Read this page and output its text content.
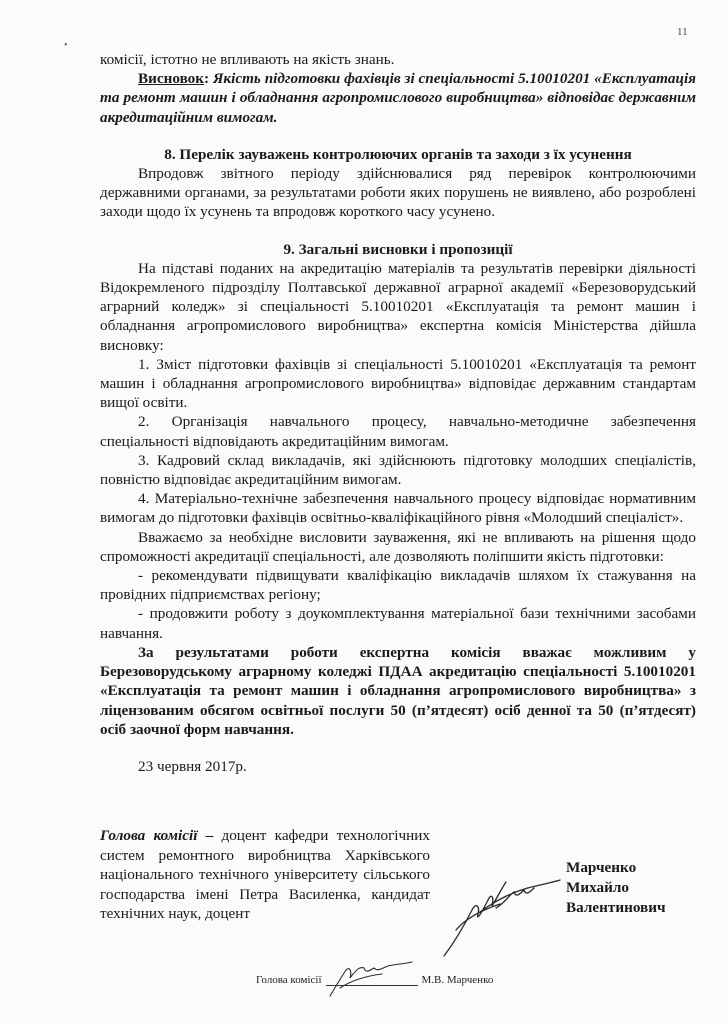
11
•

комісії, істотно не впливають на якість знань.

Висновок: Якість підготовки фахівців зі спеціальності 5.10010201 «Експлуатація та ремонт машин і обладнання агропромислового виробництва» відповідає державним акредитаційним вимогам.

8. Перелік зауважень контролюючих органів та заходи з їх усунення

Впродовж звітного періоду здійснювалися ряд перевірок контролюючими державними органами, за результатами роботи яких порушень не виявлено, або розроблені заходи щодо їх усунень та впродовж короткого часу усунено.

9. Загальні висновки і пропозиції

На підставі поданих на акредитацію матеріалів та результатів перевірки діяльності Відокремленого підрозділу Полтавської державної аграрної академії «Березоворудський аграрний коледж» зі спеціальності 5.10010201 «Експлуатація та ремонт машин і обладнання агропромислового виробництва» експертна комісія Міністерства дійшла висновку:

1. Зміст підготовки фахівців зі спеціальності 5.10010201 «Експлуатація та ремонт машин і обладнання агропромислового виробництва» відповідає державним стандартам вищої освіти.

2. Організація навчального процесу, навчально-методичне забезпечення спеціальності відповідають акредитаційним вимогам.

3. Кадровий склад викладачів, які здійснюють підготовку молодших спеціалістів, повністю відповідає акредитаційним вимогам.

4. Матеріально-технічне забезпечення навчального процесу відповідає нормативним вимогам до підготовки фахівців освітньо-кваліфікаційного рівня «Молодший спеціаліст».

Вважаємо за необхідне висловити зауваження, які не впливають на рішення щодо спроможності акредитації спеціальності, але дозволяють поліпшити якість підготовки:

- рекомендувати підвищувати кваліфікацію викладачів шляхом їх стажування на провідних підприємствах регіону;

- продовжити роботу з доукомплектування матеріальної бази технічними засобами навчання.

За результатами роботи експертна комісія вважає можливим у Березоворудському аграрному коледжі ПДАА акредитацію спеціальності 5.10010201 «Експлуатація та ремонт машин і обладнання агропромислового виробництва» з ліцензованим обсягом освітньої послуги 50 (п’ятдесят) осіб денної та 50 (п’ятдесят) осіб заочної форм навчання.

23 червня 2017р.

Голова комісії – доцент кафедри технологічних систем ремонтного виробництва Харківського національного технічного університету сільського господарства імені Петра Василенка, кандидат технічних наук, доцент
Марченко
Михайло
Валентинович
Голова комісії	М.В. Марченко
